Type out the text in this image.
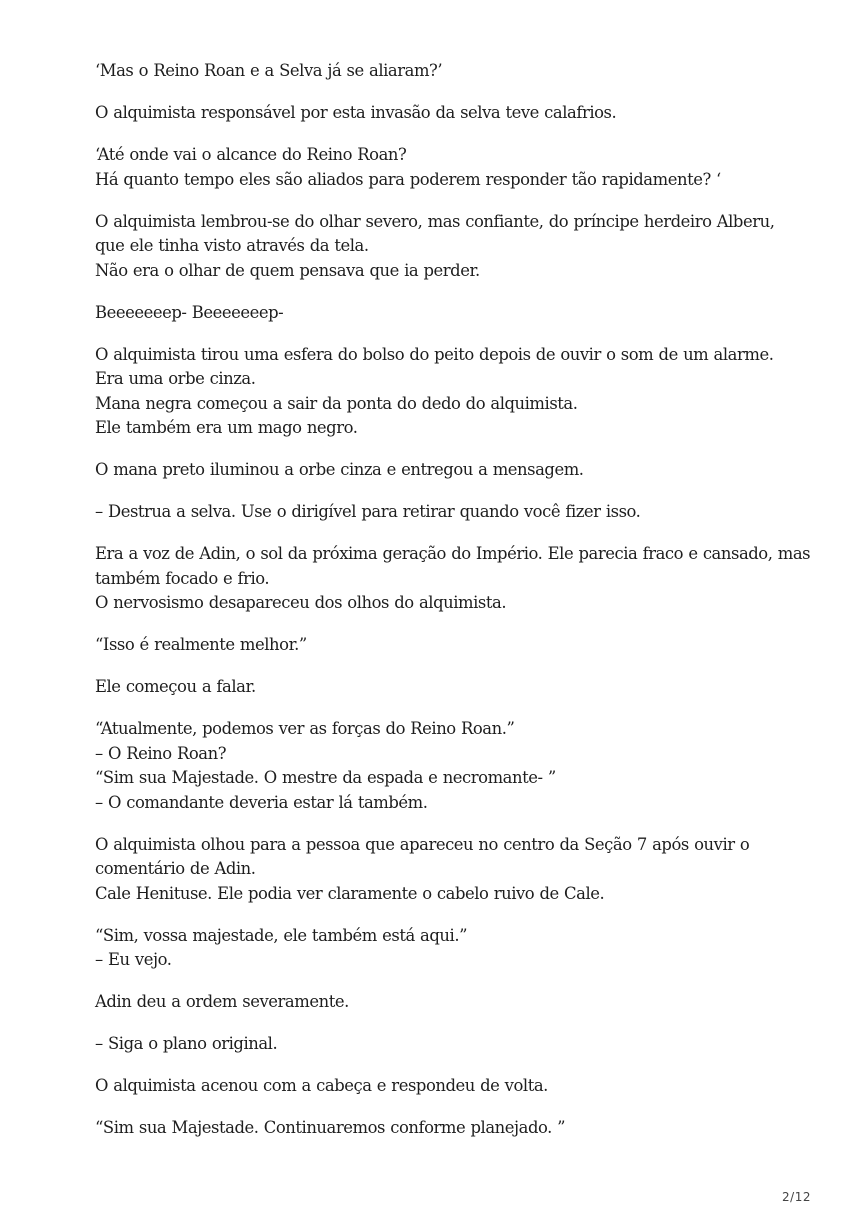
‘Mas o Reino Roan e a Selva já se aliaram?’

O alquimista responsável por esta invasão da selva teve calafrios.

‘Até onde vai o alcance do Reino Roan?
Há quanto tempo eles são aliados para poderem responder tão rapidamente? ‘

O alquimista lembrou-se do olhar severo, mas confiante, do príncipe herdeiro Alberu,
que ele tinha visto através da tela.
Não era o olhar de quem pensava que ia perder.

Beeeeeeep- Beeeeeeep-

O alquimista tirou uma esfera do bolso do peito depois de ouvir o som de um alarme.
Era uma orbe cinza.
Mana negra começou a sair da ponta do dedo do alquimista.
Ele também era um mago negro.

O mana preto iluminou a orbe cinza e entregou a mensagem.

– Destrua a selva. Use o dirigível para retirar quando você fizer isso.

Era a voz de Adin, o sol da próxima geração do Império. Ele parecia fraco e cansado, mas
também focado e frio.
O nervosismo desapareceu dos olhos do alquimista.

“Isso é realmente melhor.”

Ele começou a falar.

“Atualmente, podemos ver as forças do Reino Roan.”
– O Reino Roan?
“Sim sua Majestade. O mestre da espada e necromante- ”
– O comandante deveria estar lá também.

O alquimista olhou para a pessoa que apareceu no centro da Seção 7 após ouvir o
comentário de Adin.
Cale Henituse. Ele podia ver claramente o cabelo ruivo de Cale.

“Sim, vossa majestade, ele também está aqui.”
– Eu vejo.

Adin deu a ordem severamente.

– Siga o plano original.

O alquimista acenou com a cabeça e respondeu de volta.

“Sim sua Majestade. Continuaremos conforme planejado. ”

2/12
